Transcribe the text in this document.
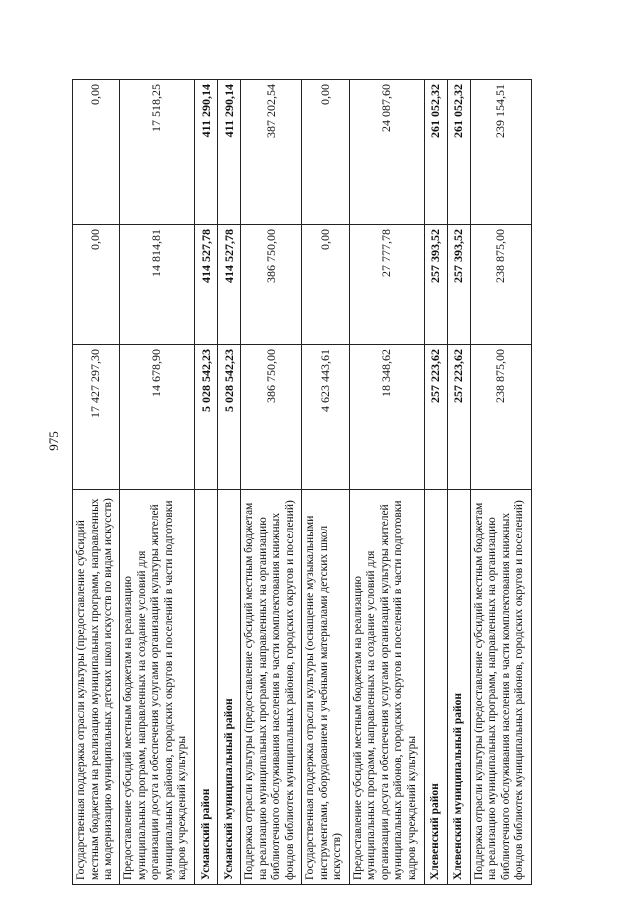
975
Государственная поддержка отрасли культуры (предоставление субсидий местным бюджетам на реализацию муниципальных программ, направленных на модернизацию муниципальных детских школ искусств по видам искусств)	17 427 297,30	0,00	0,00
Предоставление субсидий местным бюджетам на реализацию муниципальных программ, направленных на создание условий для организации досуга и обеспечения услугами организаций культуры жителей муниципальных районов, городских округов и поселений в части подготовки кадров учреждений культуры	14 678,90	14 814,81	17 518,25
Усманский район	5 028 542,23	414 527,78	411 290,14
Усманский муниципальный район	5 028 542,23	414 527,78	411 290,14
Поддержка отрасли культуры (предоставление субсидий местным бюджетам на реализацию муниципальных программ, направленных на организацию библиотечного обслуживания населения в части комплектования книжных фондов библиотек муниципальных районов, городских округов и поселений)	386 750,00	386 750,00	387 202,54
Государственная поддержка отрасли культуры (оснащение музыкальными инструментами, оборудованием и учебными материалами детских школ искусств)	4 623 443,61	0,00	0,00
Предоставление субсидий местным бюджетам на реализацию муниципальных программ, направленных на создание условий для организации досуга и обеспечения услугами организаций культуры жителей муниципальных районов, городских округов и поселений в части подготовки кадров учреждений культуры	18 348,62	27 777,78	24 087,60
Хлевенский район	257 223,62	257 393,52	261 052,32
Хлевенский муниципальный район	257 223,62	257 393,52	261 052,32
Поддержка отрасли культуры (предоставление субсидий местным бюджетам на реализацию муниципальных программ, направленных на организацию библиотечного обслуживания населения в части комплектования книжных фондов библиотек муниципальных районов, городских округов и поселений)	238 875,00	238 875,00	239 154,51
